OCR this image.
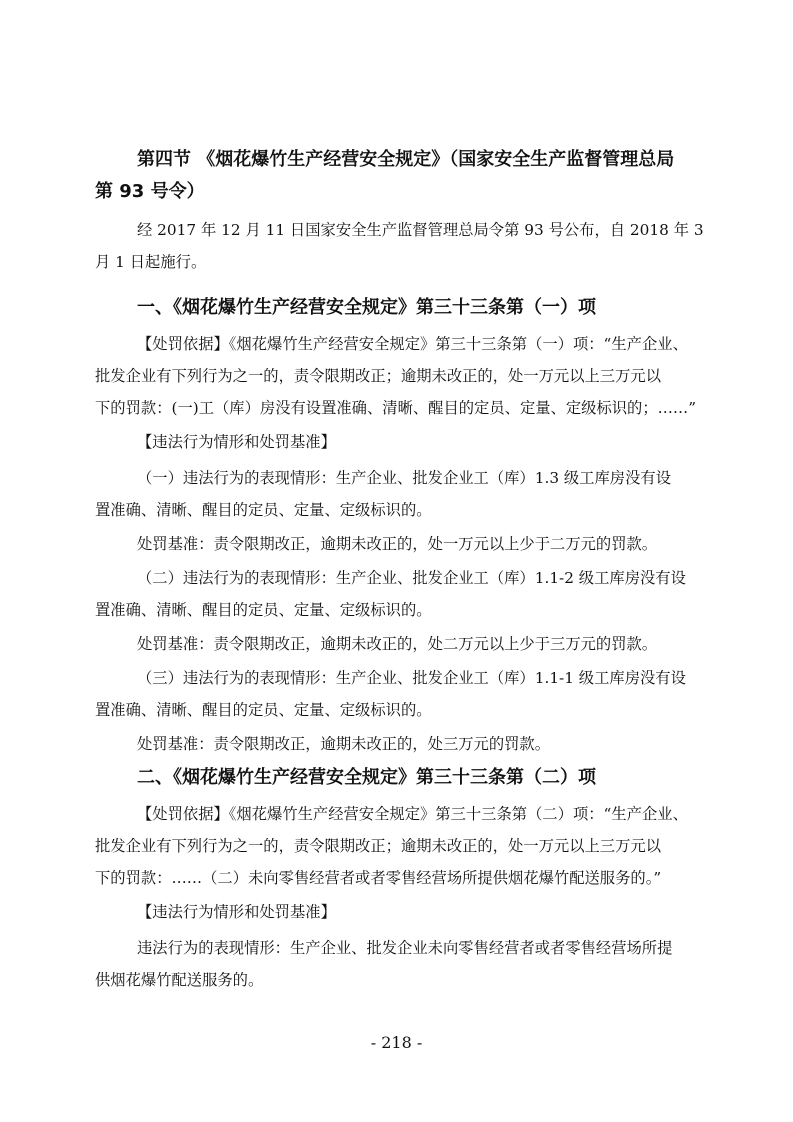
第四节 《烟花爆竹生产经营安全规定》（国家安全生产监督管理总局
第 93 号令）
经 2017 年 12 月 11 日国家安全生产监督管理总局令第 93 号公布，自 2018 年 3
月 1 日起施行。
一、《烟花爆竹生产经营安全规定》第三十三条第（一）项
【处罚依据】《烟花爆竹生产经营安全规定》第三十三条第（一）项：“生产企业、
批发企业有下列行为之一的，责令限期改正；逾期未改正的，处一万元以上三万元以
下的罚款：(一)工（库）房没有设置准确、清晰、醒目的定员、定量、定级标识的；……”
【违法行为情形和处罚基准】
（一）违法行为的表现情形：生产企业、批发企业工（库）1.3 级工库房没有设
置准确、清晰、醒目的定员、定量、定级标识的。
处罚基准：责令限期改正，逾期未改正的，处一万元以上少于二万元的罚款。
（二）违法行为的表现情形：生产企业、批发企业工（库）1.1-2 级工库房没有设
置准确、清晰、醒目的定员、定量、定级标识的。
处罚基准：责令限期改正，逾期未改正的，处二万元以上少于三万元的罚款。
（三）违法行为的表现情形：生产企业、批发企业工（库）1.1-1 级工库房没有设
置准确、清晰、醒目的定员、定量、定级标识的。
处罚基准：责令限期改正，逾期未改正的，处三万元的罚款。
二、《烟花爆竹生产经营安全规定》第三十三条第（二）项
【处罚依据】《烟花爆竹生产经营安全规定》第三十三条第（二）项：“生产企业、
批发企业有下列行为之一的，责令限期改正；逾期未改正的，处一万元以上三万元以
下的罚款：……（二）未向零售经营者或者零售经营场所提供烟花爆竹配送服务的。”
【违法行为情形和处罚基准】
违法行为的表现情形：生产企业、批发企业未向零售经营者或者零售经营场所提
供烟花爆竹配送服务的。
- 218 -
